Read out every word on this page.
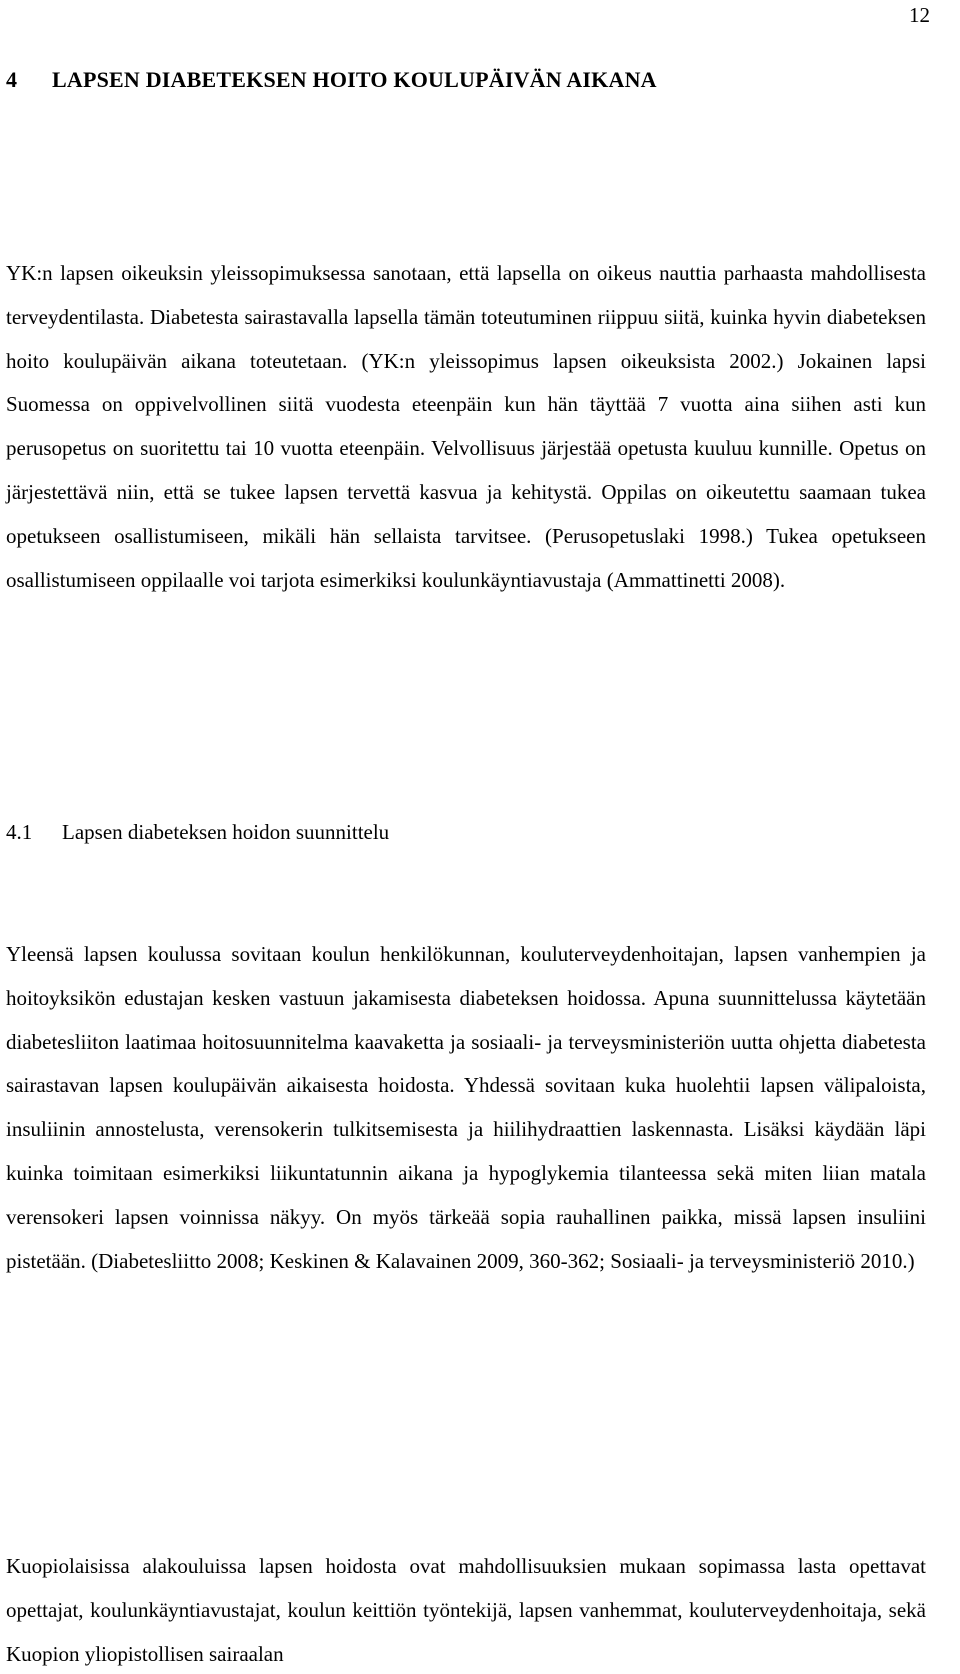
12
4 LAPSEN DIABETEKSEN HOITO KOULUPÄIVÄN AIKANA

YK:n lapsen oikeuksin yleissopimuksessa sanotaan, että lapsella on oikeus nauttia parhaasta mahdollisesta terveydentilasta. Diabetesta sairastavalla lapsella tämän toteutuminen riippuu siitä, kuinka hyvin diabeteksen hoito koulupäivän aikana toteutetaan. (YK:n yleissopimus lapsen oikeuksista 2002.) Jokainen lapsi Suomessa on oppivelvollinen siitä vuodesta eteenpäin kun hän täyttää 7 vuotta aina siihen asti kun perusopetus on suoritettu tai 10 vuotta eteenpäin. Velvollisuus järjestää opetusta kuuluu kunnille. Opetus on järjestettävä niin, että se tukee lapsen tervettä kasvua ja kehitystä. Oppilas on oikeutettu saamaan tukea opetukseen osallistumiseen, mikäli hän sellaista tarvitsee. (Perusopetuslaki 1998.) Tukea opetukseen osallistumiseen oppilaalle voi tarjota esimerkiksi koulunkäyntiavustaja (Ammattinetti 2008).

4.1 Lapsen diabeteksen hoidon suunnittelu

Yleensä lapsen koulussa sovitaan koulun henkilökunnan, kouluterveydenhoitajan, lapsen vanhempien ja hoitoyksikön edustajan kesken vastuun jakamisesta diabeteksen hoidossa. Apuna suunnittelussa käytetään diabetesliiton laatimaa hoitosuunnitelma kaavaketta ja sosiaali- ja terveysministeriön uutta ohjetta diabetesta sairastavan lapsen koulupäivän aikaisesta hoidosta. Yhdessä sovitaan kuka huolehtii lapsen välipaloista, insuliinin annostelusta, verensokerin tulkitsemisesta ja hiilihydraattien laskennasta. Lisäksi käydään läpi kuinka toimitaan esimerkiksi liikuntatunnin aikana ja hypoglykemia tilanteessa sekä miten liian matala verensokeri lapsen voinnissa näkyy. On myös tärkeää sopia rauhallinen paikka, missä lapsen insuliini pistetään. (Diabetesliitto 2008; Keskinen & Kalavainen 2009, 360-362; Sosiaali- ja terveysministeriö 2010.)

Kuopiolaisissa alakouluissa lapsen hoidosta ovat mahdollisuuksien mukaan sopimassa lasta opettavat opettajat, koulunkäyntiavustajat, koulun keittiön työntekijä, lapsen vanhemmat, kouluterveydenhoitaja, sekä Kuopion yliopistollisen sairaalan
